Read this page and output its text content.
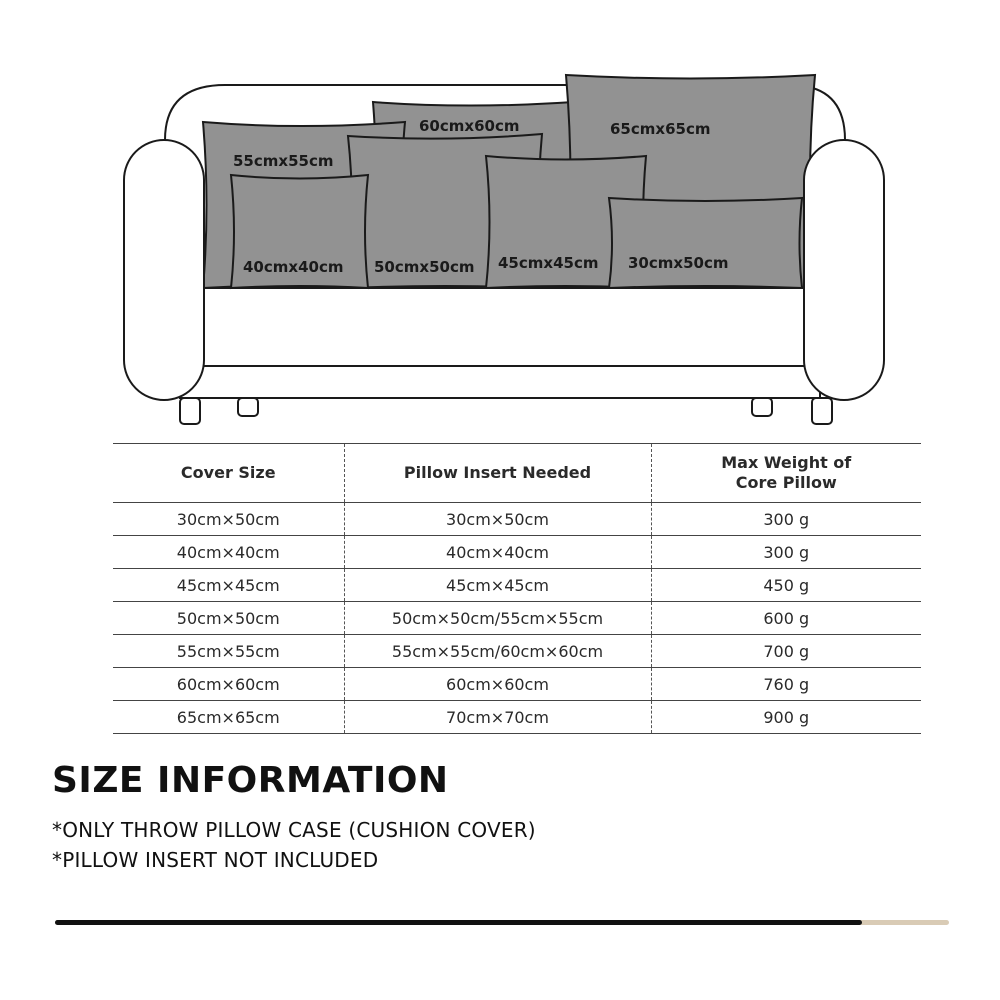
60cmx60cm	65cmx65cm
55cmx55cm
40cmx40cm 50cmx50cm 45cmx45cm 30cmx50cm
Cover Size	Pillow Insert Needed	Max Weight of Core Pillow

30cm×50cm	30cm×50cm	300 g
40cm×40cm	40cm×40cm	300 g
45cm×45cm	45cm×45cm	450 g
50cm×50cm	50cm×50cm/55cm×55cm	600 g
55cm×55cm	55cm×55cm/60cm×60cm	700 g
60cm×60cm	60cm×60cm	760 g
65cm×65cm	70cm×70cm	900 g
SIZE INFORMATION

*ONLY THROW PILLOW CASE (CUSHION COVER)

*PILLOW INSERT NOT INCLUDED
